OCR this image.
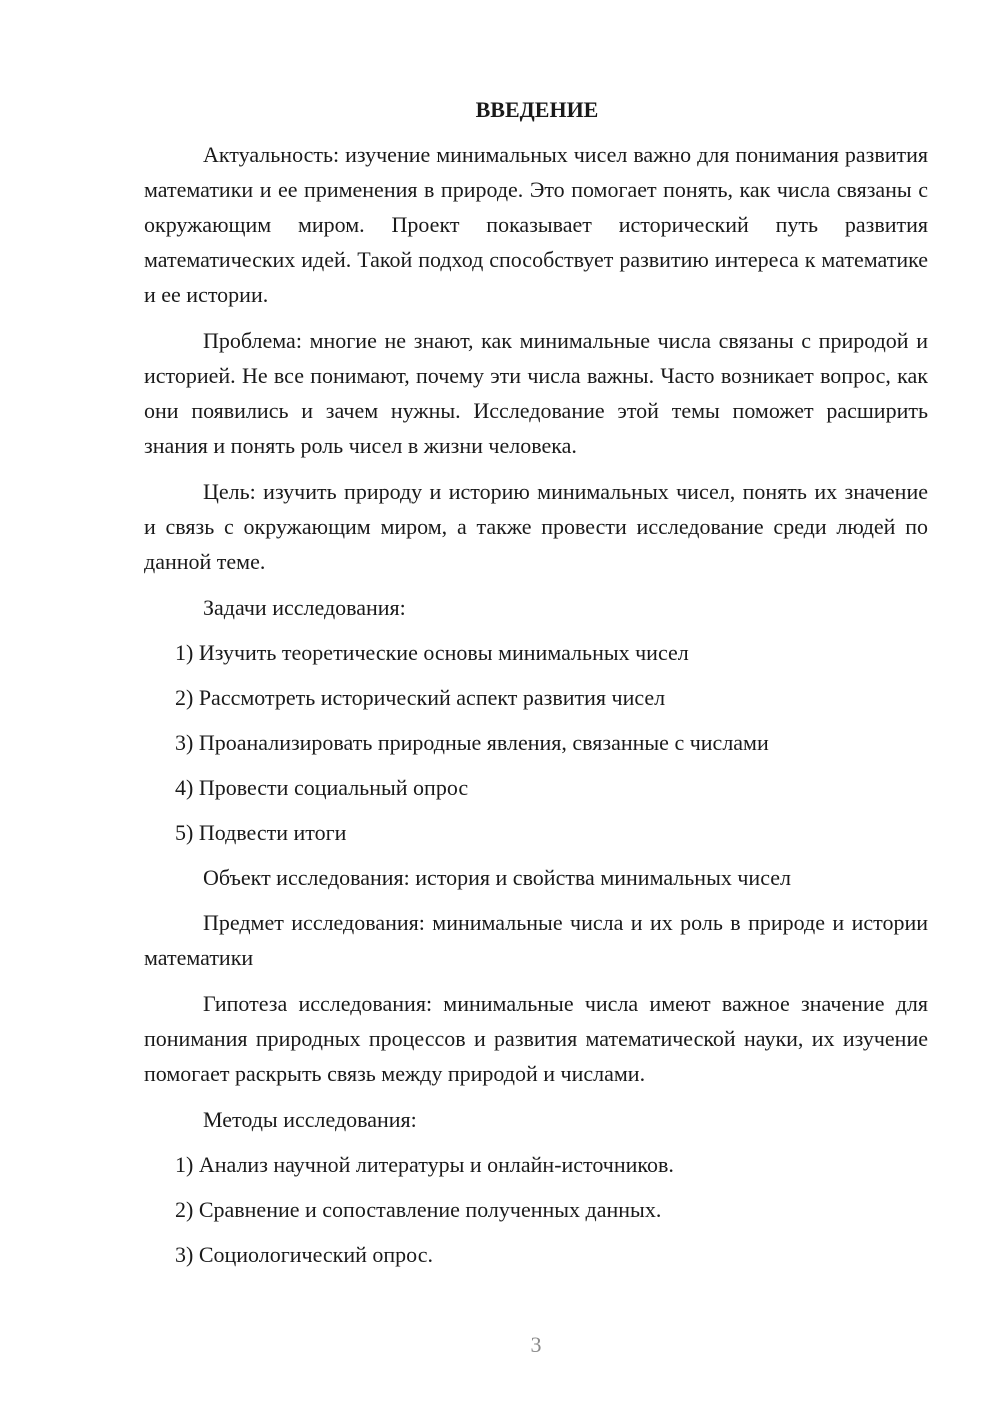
ВВЕДЕНИЕ

Актуальность: изучение минимальных чисел важно для понимания развития математики и ее применения в природе. Это помогает понять, как числа связаны с окружающим миром. Проект показывает исторический путь развития математических идей. Такой подход способствует развитию интереса к математике и ее истории.

Проблема: многие не знают, как минимальные числа связаны с природой и историей. Не все понимают, почему эти числа важны. Часто возникает вопрос, как они появились и зачем нужны. Исследование этой темы поможет расширить знания и понять роль чисел в жизни человека.

Цель: изучить природу и историю минимальных чисел, понять их значение и связь с окружающим миром, а также провести исследование среди людей по данной теме.

Задачи исследования:
1) Изучить теоретические основы минимальных чисел
2) Рассмотреть исторический аспект развития чисел
3) Проанализировать природные явления, связанные с числами
4) Провести социальный опрос
5) Подвести итоги
Объект исследования: история и свойства минимальных чисел

Предмет исследования: минимальные числа и их роль в природе и истории математики

Гипотеза исследования: минимальные числа имеют важное значение для понимания природных процессов и развития математической науки, их изучение помогает раскрыть связь между природой и числами.

Методы исследования:
1) Анализ научной литературы и онлайн-источников.
2) Сравнение и сопоставление полученных данных.
3) Социологический опрос.
3
